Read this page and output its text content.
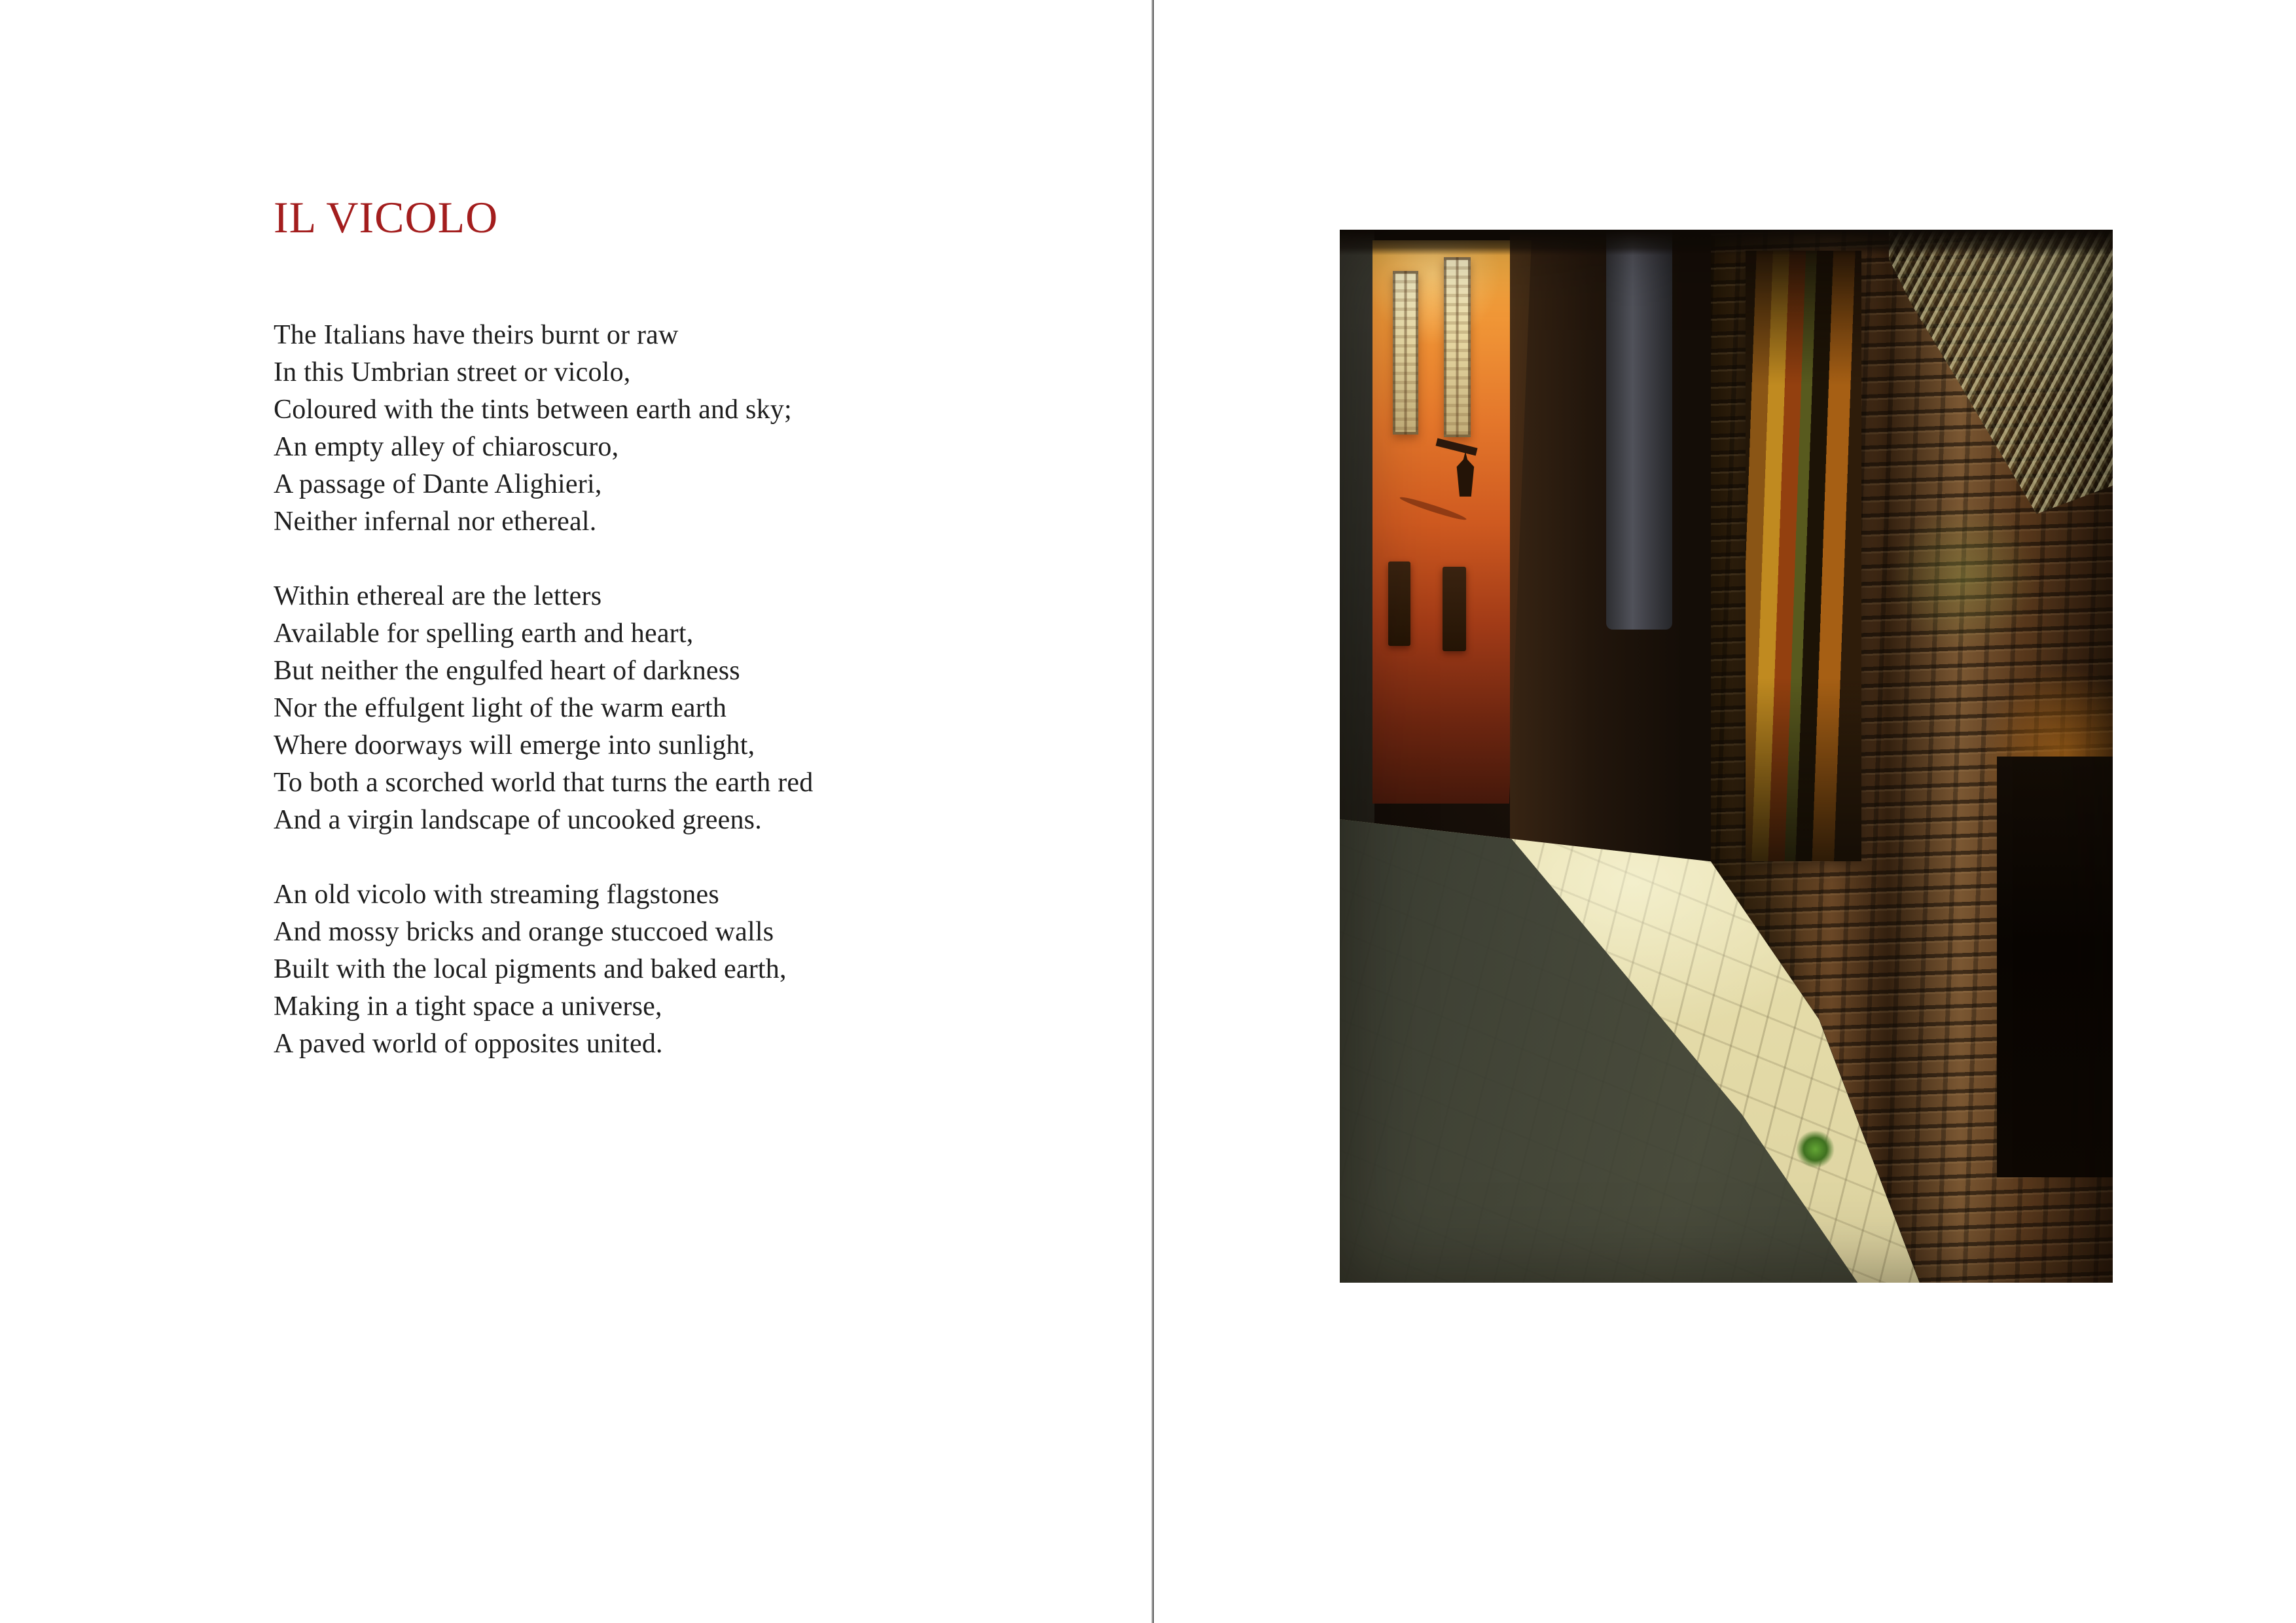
IL VICOLO
The Italians have theirs burnt or raw
In this Umbrian street or vicolo,
Coloured with the tints between earth and sky;
An empty alley of chiaroscuro,
A passage of Dante Alighieri,
Neither infernal nor ethereal.
Within ethereal are the letters
Available for spelling earth and heart,
But neither the engulfed heart of darkness
Nor the effulgent light of the warm earth
Where doorways will emerge into sunlight,
To both a scorched world that turns the earth red
And a virgin landscape of uncooked greens.
An old vicolo with streaming flagstones
And mossy bricks and orange stuccoed walls
Built with the local pigments and baked earth,
Making in a tight space a universe,
A paved world of opposites united.
